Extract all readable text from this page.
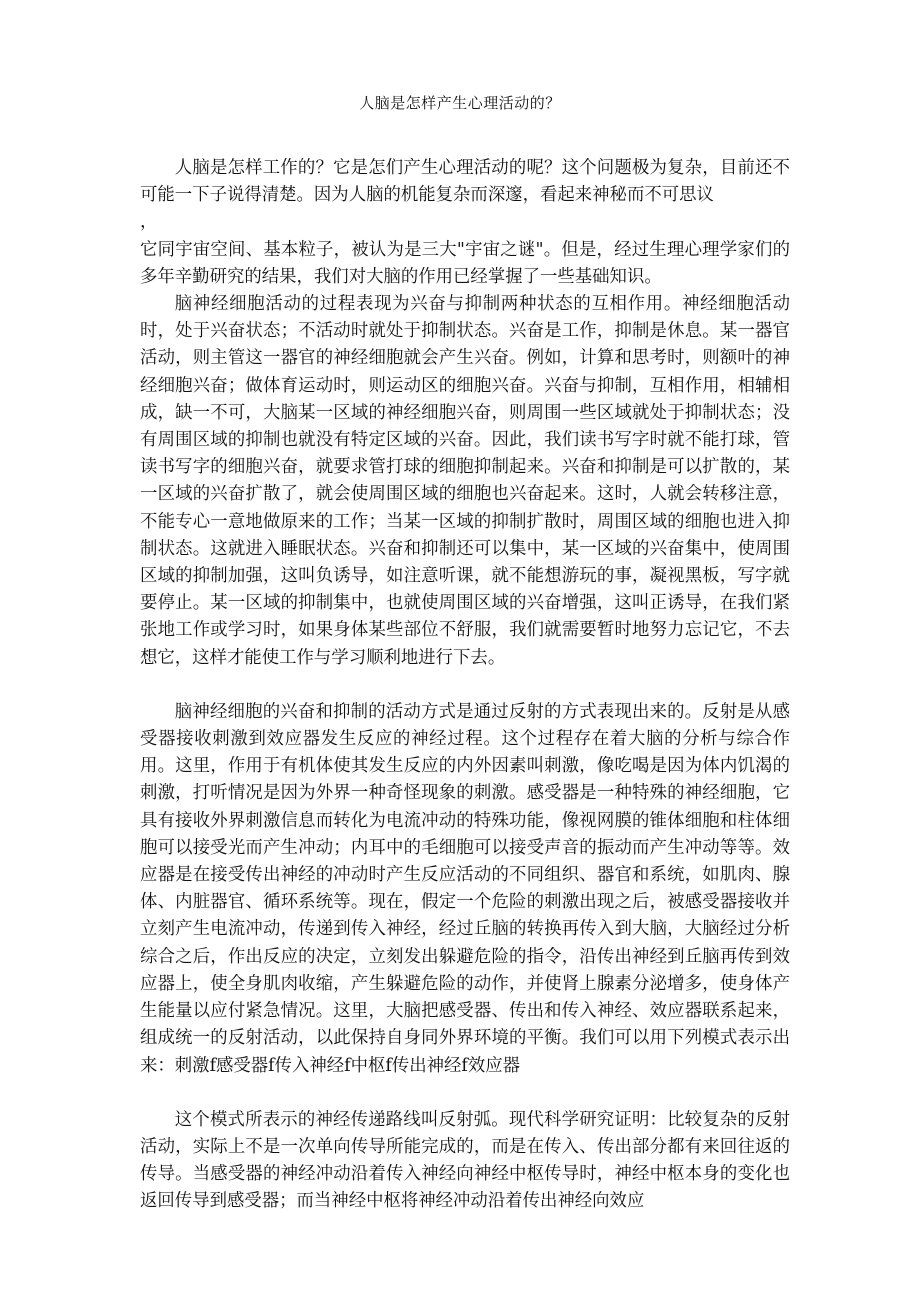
人脑是怎样产生心理活动的？

人脑是怎样工作的？它是怎们产生心理活动的呢？这个问题极为复杂，目前还不可能一下子说得清楚。因为人脑的机能复杂而深邃，看起来神秘而不可思议
，

它同宇宙空间、基本粒子，被认为是三大"宇宙之谜"。但是，经过生理心理学家们的多年辛勤研究的结果，我们对大脑的作用已经掌握了一些基础知识。

脑神经细胞活动的过程表现为兴奋与抑制两种状态的互相作用。神经细胞活动时，处于兴奋状态；不活动时就处于抑制状态。兴奋是工作，抑制是休息。某一器官活动，则主管这一器官的神经细胞就会产生兴奋。例如，计算和思考时，则额叶的神经细胞兴奋；做体育运动时，则运动区的细胞兴奋。兴奋与抑制，互相作用，相辅相成，缺一不可，大脑某一区域的神经细胞兴奋，则周围一些区域就处于抑制状态；没有周围区域的抑制也就没有特定区域的兴奋。因此，我们读书写字时就不能打球，管读书写字的细胞兴奋，就要求管打球的细胞抑制起来。兴奋和抑制是可以扩散的，某一区域的兴奋扩散了，就会使周围区域的细胞也兴奋起来。这时，人就会转移注意，不能专心一意地做原来的工作；当某一区域的抑制扩散时，周围区域的细胞也进入抑制状态。这就进入睡眠状态。兴奋和抑制还可以集中，某一区域的兴奋集中，使周围区域的抑制加强，这叫负诱导，如注意听课，就不能想游玩的事，凝视黑板，写字就要停止。某一区域的抑制集中，也就使周围区域的兴奋增强，这叫正诱导，在我们紧张地工作或学习时，如果身体某些部位不舒服，我们就需要暂时地努力忘记它，不去想它，这样才能使工作与学习顺利地进行下去。

脑神经细胞的兴奋和抑制的活动方式是通过反射的方式表现出来的。反射是从感受器接收刺激到效应器发生反应的神经过程。这个过程存在着大脑的分析与综合作用。这里，作用于有机体使其发生反应的内外因素叫刺激，像吃喝是因为体内饥渴的刺激，打听情况是因为外界一种奇怪现象的刺激。感受器是一种特殊的神经细胞，它具有接收外界刺激信息而转化为电流冲动的特殊功能，像视网膜的锥体细胞和柱体细胞可以接受光而产生冲动；内耳中的毛细胞可以接受声音的振动而产生冲动等等。效应器是在接受传出神经的冲动时产生反应活动的不同组织、器官和系统，如肌肉、腺体、内脏器官、循环系统等。现在，假定一个危险的刺激出现之后，被感受器接收并立刻产生电流冲动，传递到传入神经，经过丘脑的转换再传入到大脑，大脑经过分析综合之后，作出反应的决定，立刻发出躲避危险的指令，沿传出神经到丘脑再传到效应器上，使全身肌肉收缩，产生躲避危险的动作，并使肾上腺素分泌增多，使身体产生能量以应付紧急情况。这里，大脑把感受器、传出和传入神经、效应器联系起来，组成统一的反射活动，以此保持自身同外界环境的平衡。我们可以用下列模式表示出来：刺激f感受器f传入神经f中枢f传出神经f效应器

这个模式所表示的神经传递路线叫反射弧。现代科学研究证明：比较复杂的反射活动，实际上不是一次单向传导所能完成的，而是在传入、传出部分都有来回往返的传导。当感受器的神经冲动沿着传入神经向神经中枢传导时，神经中枢本身的变化也返回传导到感受器；而当神经中枢将神经冲动沿着传出神经向效应
